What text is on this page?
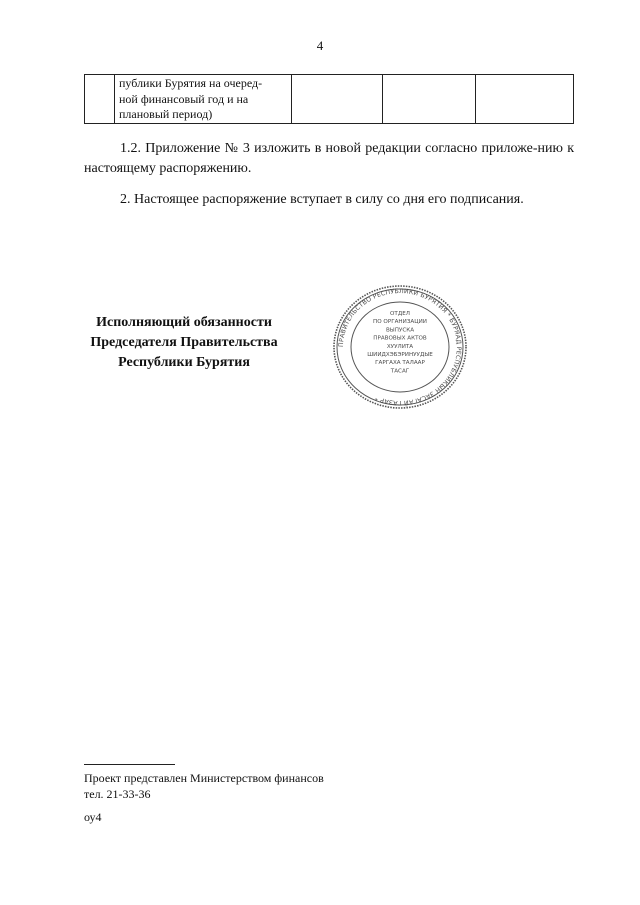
4

публики Бурятия на очеред-
ной финансовый год и на
плановый период)

1.2. Приложение № 3 изложить в новой редакции согласно приложе-нию к настоящему распоряжению.
2. Настоящее распоряжение вступает в силу со дня его подписания.
Исполняющий обязанности
Председателя Правительства
Республики Бурятия
ПРАВИТЕЛЬСТВО РЕСПУБЛИКИ БУРЯТИЯ * БУРЯАД РЕСПУБЛИКЫН ЗАСАГАЙ ГАЗАР *
ОТДЕЛ
ПО ОРГАНИЗАЦИИ
ВЫПУСКА
ПРАВОВЫХ АКТОВ
ХУУЛИТА
ШИИДХЭБЭРИНУУДЫЕ
ГАРГАХА ТАЛААР
ТАСАГ
Проект представлен Министерством финансов
тел. 21-33-36
оу4
